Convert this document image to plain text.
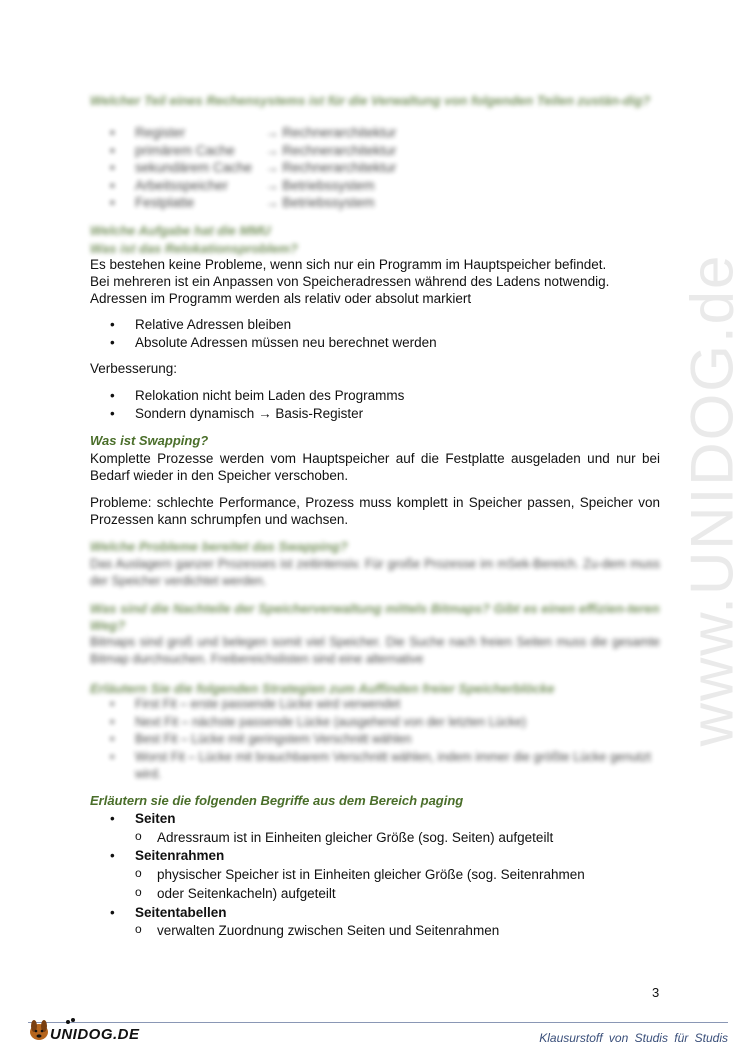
www.UNIDOG.de
Welcher Teil eines Rechensystems ist für die Verwaltung von folgenden Teilen zustän-dig?
• Register	→ Rechnerarchitektur
• primärem Cache → Rechnerarchitektur
• sekundärem Cache → Rechnerarchitektur
• Arbeitsspeicher	→ Betriebssystem
• Festplatte	→ Betriebssystem
Welche Aufgabe hat die MMU
Was ist das Relokationsproblem?
Es bestehen keine Probleme, wenn sich nur ein Programm im Hauptspeicher befindet.
Bei mehreren ist ein Anpassen von Speicheradressen während des Ladens notwendig.
Adressen im Programm werden als relativ oder absolut markiert
• Relative Adressen bleiben
• Absolute Adressen müssen neu berechnet werden
Verbesserung:
• Relokation nicht beim Laden des Programms
• Sondern dynamisch → Basis-Register
Was ist Swapping?
Komplette Prozesse werden vom Hauptspeicher auf die Festplatte ausgeladen und nur bei Bedarf wieder in den Speicher verschoben.
Probleme: schlechte Performance, Prozess muss komplett in Speicher passen, Speicher von Prozessen kann schrumpfen und wachsen.
Welche Probleme bereitet das Swapping?
Das Auslagern ganzer Prozesses ist zeitintensiv. Für große Prozesse im mSek-Bereich. Zu-dem muss der Speicher verdichtet werden.
Was sind die Nachteile der Speicherverwaltung mittels Bitmaps? Gibt es einen effizien-teren Weg?
Bitmaps sind groß und belegen somit viel Speicher. Die Suche nach freien Seiten muss die gesamte Bitmap durchsuchen. Freibereichslisten sind eine alternative
Erläutern Sie die folgenden Strategien zum Auffinden freier Speicherblöcke
• First Fit – erste passende Lücke wird verwendet
• Next Fit – nächste passende Lücke (ausgehend von der letzten Lücke)
• Best Fit – Lücke mit geringstem Verschnitt wählen
• Worst Fit – Lücke mit brauchbarem Verschnitt wählen, indem immer die größte Lücke genutzt wird.
Erläutern sie die folgenden Begriffe aus dem Bereich paging
• Seiten
o Adressraum ist in Einheiten gleicher Größe (sog. Seiten) aufgeteilt
• Seitenrahmen
o physischer Speicher ist in Einheiten gleicher Größe (sog. Seitenrahmen
o oder Seitenkacheln) aufgeteilt
• Seitentabellen
o verwalten Zuordnung zwischen Seiten und Seitenrahmen
3
UNIDOG.DE	Klausurstoff von Studis für Studis
